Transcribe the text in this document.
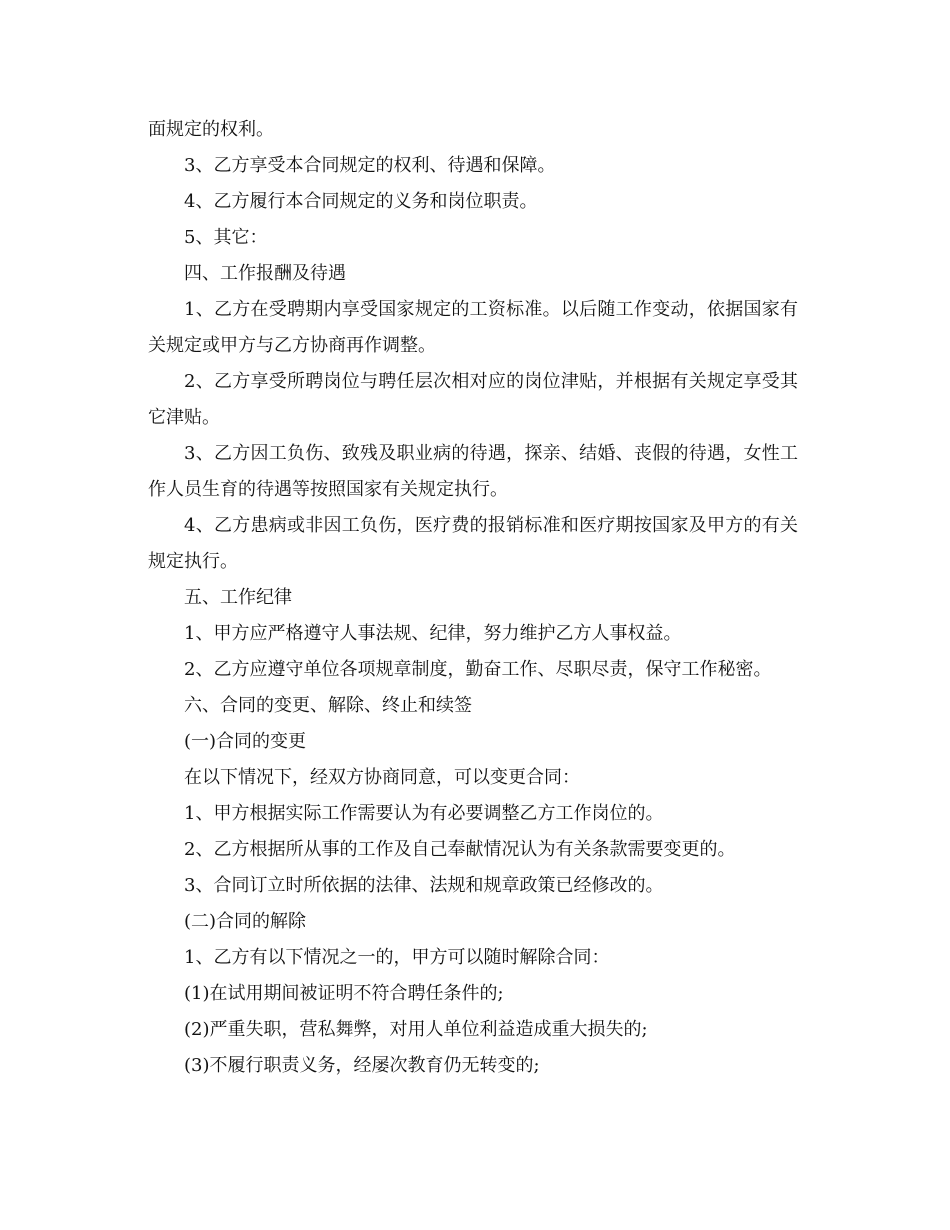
面规定的权利。

3、乙方享受本合同规定的权利、待遇和保障。

4、乙方履行本合同规定的义务和岗位职责。

5、其它：

四、工作报酬及待遇

1、乙方在受聘期内享受国家规定的工资标准。以后随工作变动，依据国家有关规定或甲方与乙方协商再作调整。

2、乙方享受所聘岗位与聘任层次相对应的岗位津贴，并根据有关规定享受其它津贴。

3、乙方因工负伤、致残及职业病的待遇，探亲、结婚、丧假的待遇，女性工作人员生育的待遇等按照国家有关规定执行。

4、乙方患病或非因工负伤，医疗费的报销标准和医疗期按国家及甲方的有关规定执行。

五、工作纪律

1、甲方应严格遵守人事法规、纪律，努力维护乙方人事权益。

2、乙方应遵守单位各项规章制度，勤奋工作、尽职尽责，保守工作秘密。

六、合同的变更、解除、终止和续签

(一)合同的变更

在以下情况下，经双方协商同意，可以变更合同：

1、甲方根据实际工作需要认为有必要调整乙方工作岗位的。

2、乙方根据所从事的工作及自己奉献情况认为有关条款需要变更的。

3、合同订立时所依据的法律、法规和规章政策已经修改的。

(二)合同的解除

1、乙方有以下情况之一的，甲方可以随时解除合同：

(1)在试用期间被证明不符合聘任条件的;

(2)严重失职，营私舞弊，对用人单位利益造成重大损失的;

(3)不履行职责义务，经屡次教育仍无转变的;
